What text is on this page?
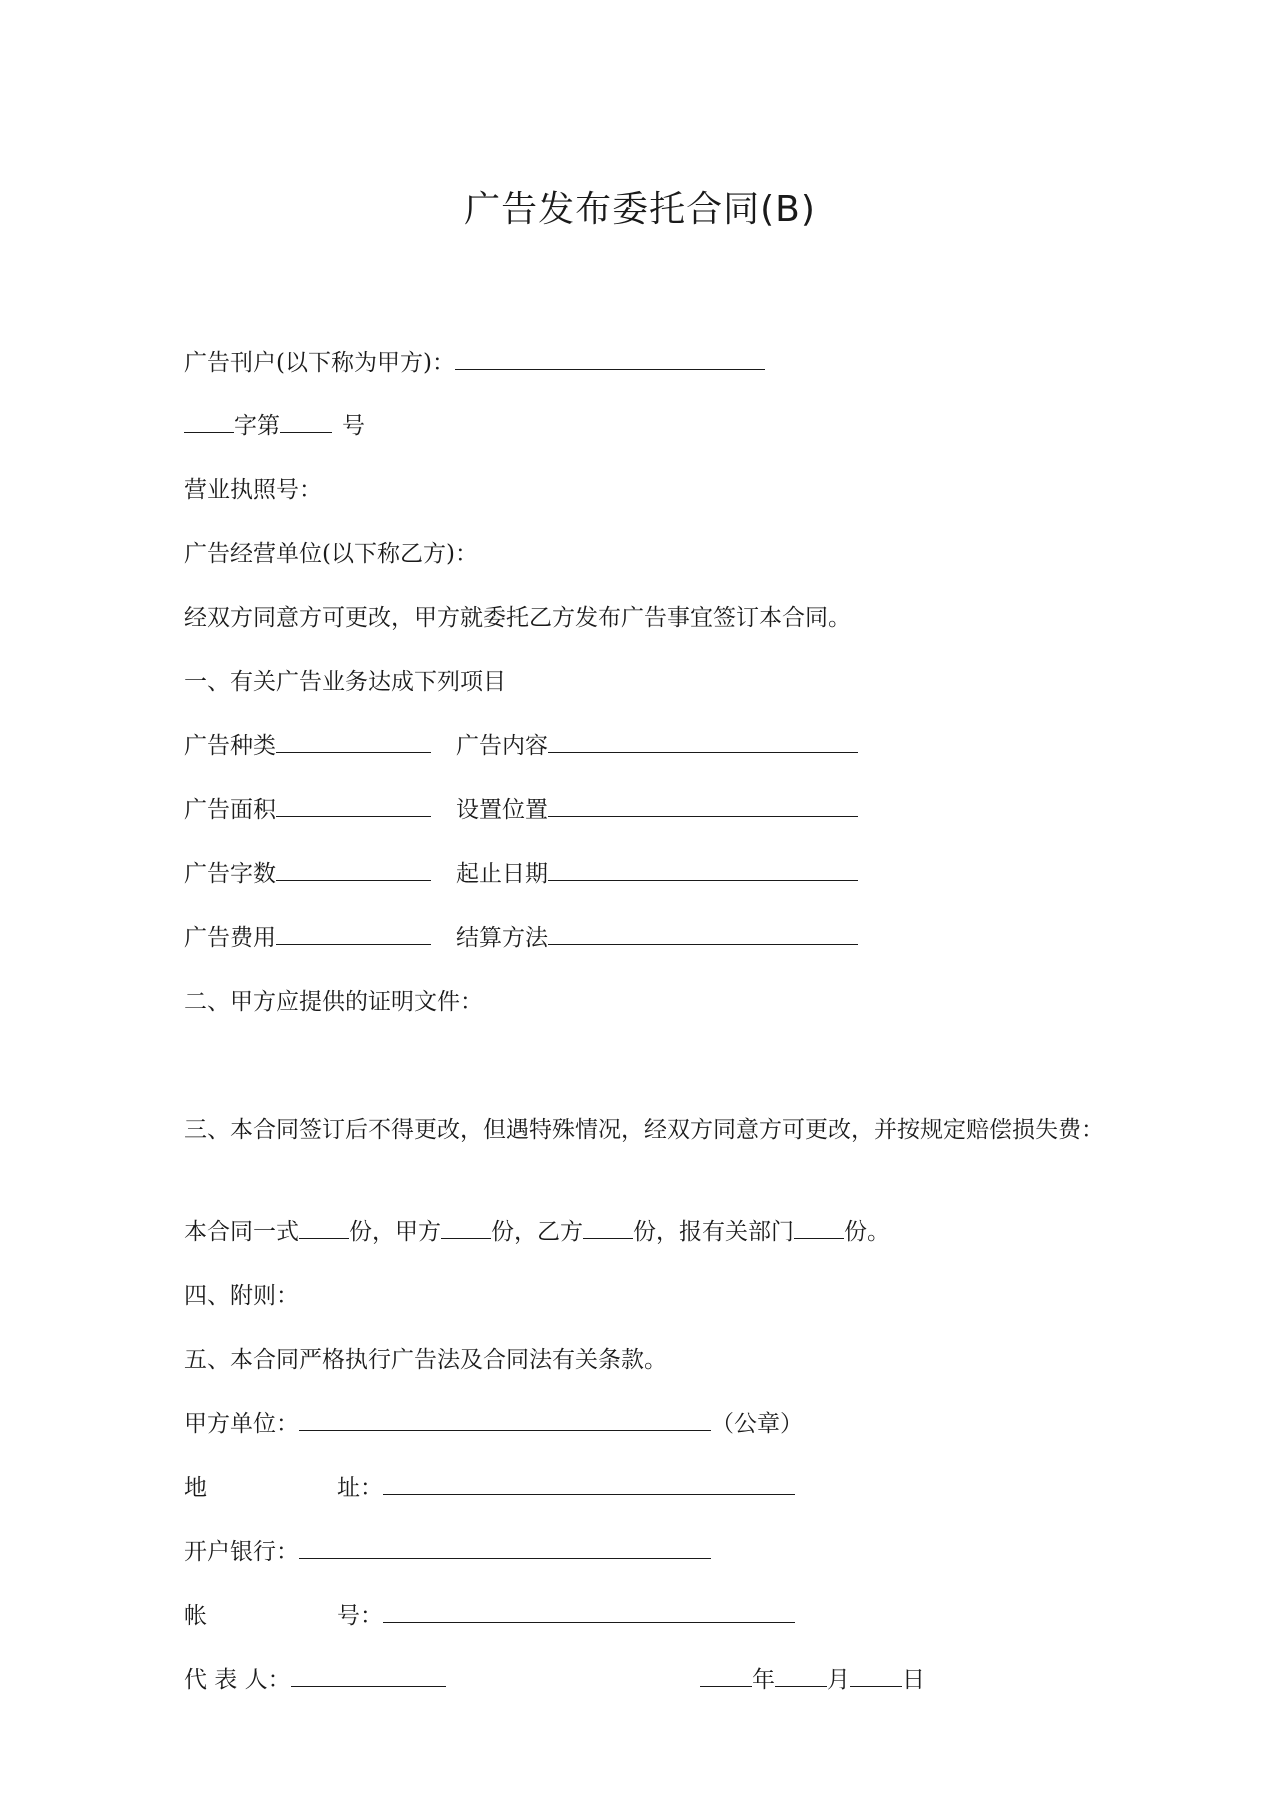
广告发布委托合同(B)
广告刊户(以下称为甲方)：
字第	号
营业执照号：
广告经营单位(以下称乙方)：
经双方同意方可更改，甲方就委托乙方发布广告事宜签订本合同。
一、有关广告业务达成下列项目
广告种类	广告内容
广告面积	设置位置
广告字数	起止日期
广告费用	结算方法
二、甲方应提供的证明文件：
三、本合同签订后不得更改，但遇特殊情况，经双方同意方可更改，并按规定赔偿损失费：
本合同一式 份，甲方 份，乙方 份，报有关部门 份。
四、附则：
五、本合同严格执行广告法及合同法有关条款。
甲方单位：	（公章）
地	址：
开户银行：
帐	号：
代 表 人：	年 月 日
